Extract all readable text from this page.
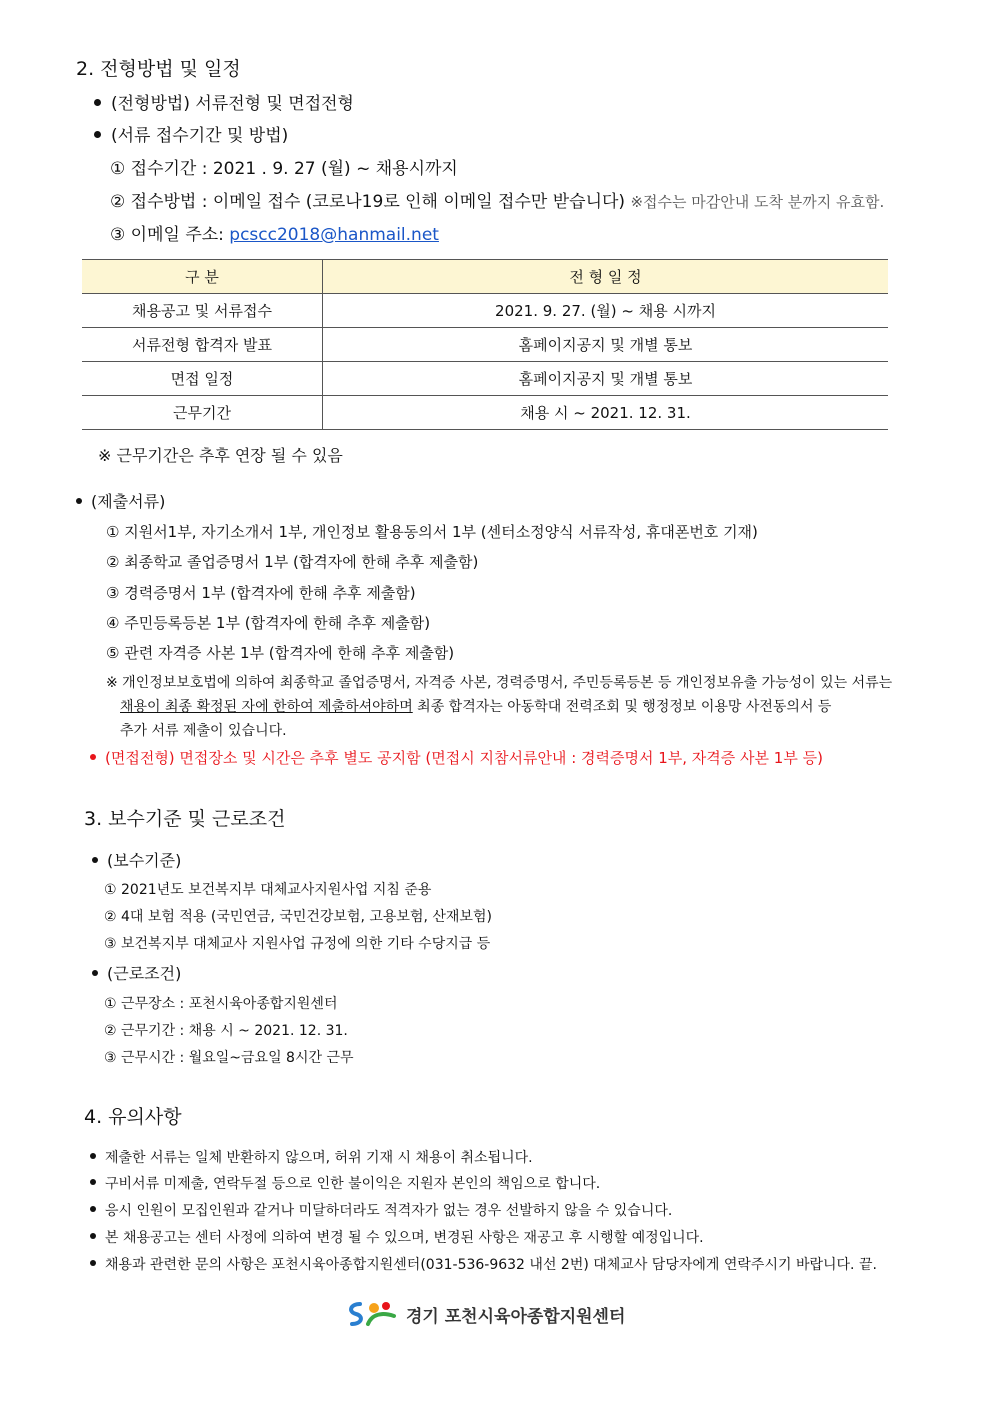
2. 전형방법 및 일정
(전형방법) 서류전형 및 면접전형
(서류 접수기간 및 방법)
① 접수기간 : 2021 . 9. 27 (월) ~ 채용시까지
② 접수방법 : 이메일 접수 (코로나19로 인해 이메일 접수만 받습니다) ※접수는 마감안내 도착 분까지 유효함.
③ 이메일 주소: pcscc2018@hanmail.net
구 분	전 형 일 정
채용공고 및 서류접수	2021. 9. 27. (월) ~ 채용 시까지
서류전형 합격자 발표	홈페이지공지 및 개별 통보
면접 일정	홈페이지공지 및 개별 통보
근무기간	채용 시 ~ 2021. 12. 31.
※ 근무기간은 추후 연장 될 수 있음
(제출서류)
① 지원서1부, 자기소개서 1부, 개인정보 활용동의서 1부 (센터소정양식 서류작성, 휴대폰번호 기재)
② 최종학교 졸업증명서 1부 (합격자에 한해 추후 제출함)
③ 경력증명서 1부 (합격자에 한해 추후 제출함)
④ 주민등록등본 1부 (합격자에 한해 추후 제출함)
⑤ 관련 자격증 사본 1부 (합격자에 한해 추후 제출함)
※ 개인정보보호법에 의하여 최종학교 졸업증명서, 자격증 사본, 경력증명서, 주민등록등본 등 개인정보유출 가능성이 있는 서류는
채용이 최종 확정된 자에 한하여 제출하셔야하며 최종 합격자는 아동학대 전력조회 및 행정정보 이용망 사전동의서 등
추가 서류 제출이 있습니다.
(면접전형) 면접장소 및 시간은 추후 별도 공지함 (면접시 지참서류안내 : 경력증명서 1부, 자격증 사본 1부 등)
3. 보수기준 및 근로조건
(보수기준)
① 2021년도 보건복지부 대체교사지원사업 지침 준용
② 4대 보험 적용 (국민연금, 국민건강보험, 고용보험, 산재보험)
③ 보건복지부 대체교사 지원사업 규정에 의한 기타 수당지급 등
(근로조건)
① 근무장소 : 포천시육아종합지원센터
② 근무기간 : 채용 시 ~ 2021. 12. 31.
③ 근무시간 : 월요일~금요일 8시간 근무
4. 유의사항
제출한 서류는 일체 반환하지 않으며, 허위 기재 시 채용이 취소됩니다.
구비서류 미제출, 연락두절 등으로 인한 불이익은 지원자 본인의 책임으로 합니다.
응시 인원이 모집인원과 같거나 미달하더라도 적격자가 없는 경우 선발하지 않을 수 있습니다.
본 채용공고는 센터 사정에 의하여 변경 될 수 있으며, 변경된 사항은 재공고 후 시행할 예정입니다.
채용과 관련한 문의 사항은 포천시육아종합지원센터(031-536-9632 내선 2번) 대체교사 담당자에게 연락주시기 바랍니다. 끝.
경기 포천시육아종합지원센터
